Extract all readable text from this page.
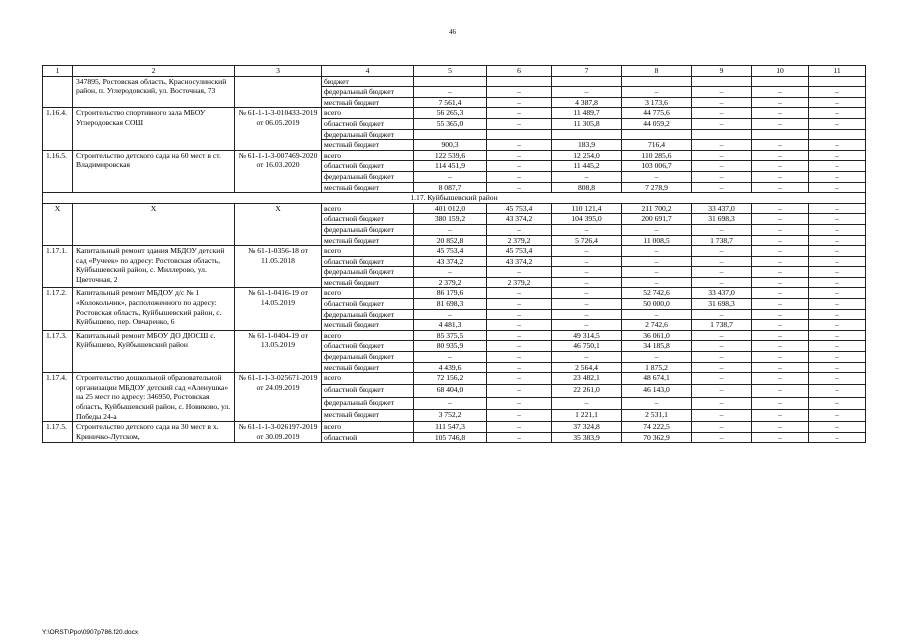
46
1	2	3	4	5	6	7	8	9	10	11
	347895, Ростовская область, Красносулинский район, п. Углеродовский, ул. Восточная, 73		бюджет							
			федеральный бюджет	–	–	–	–	–	–	–
			местный бюджет	7 561,4	–	4 387,8	3 173,6	–	–	–
1.16.4.	Строительство спортивного зала МБОУ Углеродовская СОШ	№ 61-1-1-3-010433-2019 от 06.05.2019	всего	56 265,3	–	11 489,7	44 775,6	–	–	–
			областной бюджет	55 365,0	–	11 305,8	44 059,2	–	–	–
			федеральный бюджет							
			местный бюджет	900,3	–	183,9	716,4	–	–	–
1.16.5.	Строительство детского сада на 60 мест в ст. Владимировская	№ 61-1-1-3-007469-2020 от 16.03.2020	всего	122 539,6	–	12 254,0	110 285,6	–	–	–
			областной бюджет	114 451,9	–	11 445,2	103 006,7	–	–	–
			федеральный бюджет	–	–	–	–	–	–	–
			местный бюджет	8 087,7	–	808,8	7 278,9	–	–	–
1.17. Куйбышевский район										
X	X	X	всего	401 012,0	45 753,4	110 121,4	211 700,2	33 437,0	–	–
			областной бюджет	380 159,2	43 374,2	104 395,0	200 691,7	31 698,3	–	–
			федеральный бюджет	–	–	–	–	–	–	–
			местный бюджет	20 852,8	2 379,2	5 726,4	11 008,5	1 738,7	–	–
1.17.1.	Капитальный ремонт здания МБДОУ детский сад «Ручеек» по адресу: Ростовская область, Куйбышевский район, с. Миллерово, ул. Цветочная, 2	№ 61-1-0356-18 от 11.05.2018	всего	45 753,4	45 753,4	–	–	–	–	–
			областной бюджет	43 374,2	43 374,2	–	–	–	–	–
			федеральный бюджет	–	–	–	–	–	–	–
			местный бюджет	2 379,2	2 379,2	–	–	–	–	–
1.17.2.	Капитальный ремонт МБДОУ д/с № 1 «Колокольчик», расположенного по адресу: Ростовская область, Куйбышевский район, с. Куйбышево, пер. Овчаренко, 6	№ 61-1-0416-19 от 14.05.2019	всего	86 179,6	–	–	52 742,6	33 437,0	–	–
			областной бюджет	81 698,3	–	–	50 000,0	31 698,3	–	–
			федеральный бюджет	–	–	–	–	–	–	–
			местный бюджет	4 481,3	–	–	2 742,6	1 738,7	–	–
1.17.3.	Капитальный ремонт МБОУ ДО ДЮСШ с. Куйбышево, Куйбышевский район	№ 61-1-0404-19 от 13.05.2019	всего	85 375,5	–	49 314,5	36 061,0	–	–	–
			областной бюджет	80 935,9	–	46 750,1	34 185,8	–	–	–
			федеральный бюджет	–	–	–	–	–	–	–
			местный бюджет	4 439,6	–	2 564,4	1 875,2	–	–	–
1.17.4.	Строительство дошкольной образовательной организации МБДОУ детский сад «Аленушка» на 25 мест по адресу: 346950, Ростовская область, Куйбышевский район, с. Новиково, ул. Победы 24-а	№ 61-1-1-3-025671-2019 от 24.09.2019	всего	72 156,2	–	23 482,1	48 674,1	–	–	–
			областной бюджет	68 404,0	–	22 261,0	46 143,0	–	–	–
			федеральный бюджет	–	–	–	–	–	–	–
			местный бюджет	3 752,2	–	1 221,1	2 531,1	–	–	–
1.17.5.	Строительство детского сада на 30 мест в х. Криничко-Лутском,	№ 61-1-1-3-026197-2019 от 30.09.2019	всего	111 547,3	–	37 324,8	74 222,5	–	–	–
			областной	105 746,8	–	35 383,9	70 362,9	–	–	–
Y:\ORST\Ppo\0907p786.f20.docx
